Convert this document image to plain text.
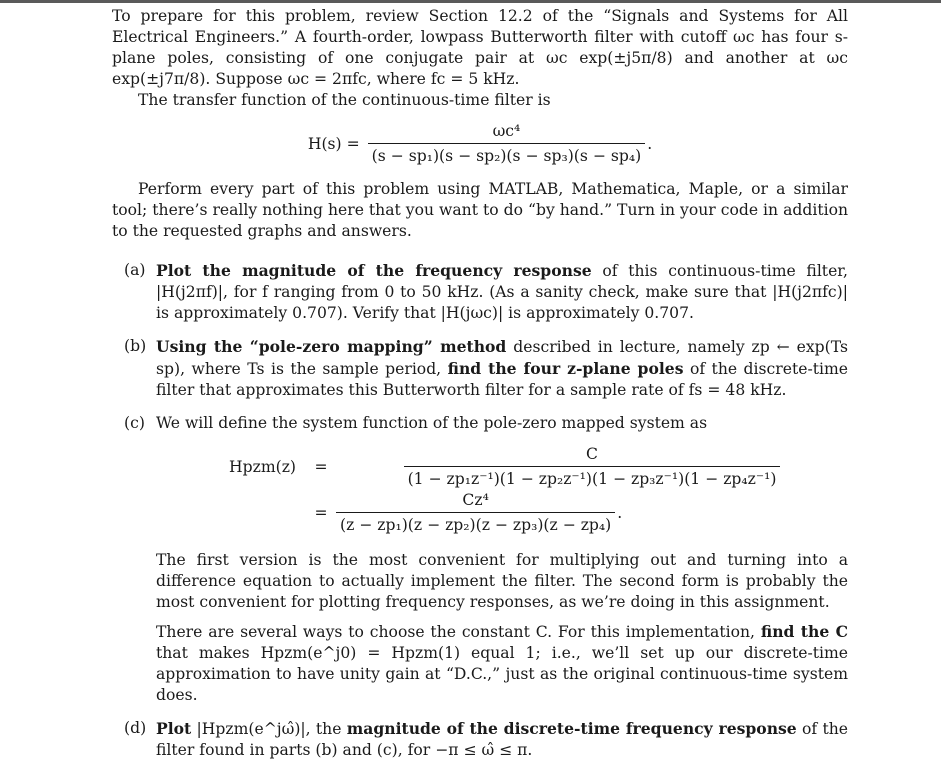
To prepare for this problem, review Section 12.2 of the “Signals and Systems for All Electrical Engineers.” A fourth-order, lowpass Butterworth filter with cutoff ωc has four s-plane poles, consisting of one conjugate pair at ωc exp(±j5π/8) and another at ωc exp(±j7π/8). Suppose ωc = 2πfc, where fc = 5 kHz.

The transfer function of the continuous-time filter is

$H(s) = \frac{\text{ωc⁴}}{\text{(s − sp₁)(s − sp₂)(s − sp₃)(s − sp₄)}}$ .

Perform every part of this problem using MATLAB, Mathematica, Maple, or a similar tool; there’s really nothing here that you want to do “by hand.” Turn in your code in addition to the requested graphs and answers.

(a) Plot the magnitude of the frequency response of this continuous-time filter, |H(j2πf)|, for f ranging from 0 to 50 kHz. (As a sanity check, make sure that |H(j2πfc)| is approximately 0.707). Verify that |H(jωc)| is approximately 0.707.

(b) Using the “pole-zero mapping” method described in lecture, namely zp ← exp(Ts sp), where Ts is the sample period, find the four z-plane poles of the discrete-time filter that approximates this Butterworth filter for a sample rate of fs = 48 kHz.

(c) We will define the system function of the pole-zero mapped system as

Hpzm(z)	= $\frac{C}{\text{(1 − zp₁z⁻¹)(1 − zp₂z⁻¹)(1 − zp₃z⁻¹)(1 − zp₄z⁻¹)}}$
= $\frac{\text{Cz⁴}}{\text{(z − zp₁)(z − zp₂)(z − zp₃)(z − zp₄)}}$ .

The first version is the most convenient for multiplying out and turning into a difference equation to actually implement the filter. The second form is probably the most convenient for plotting frequency responses, as we’re doing in this assignment.

There are several ways to choose the constant C. For this implementation, find the C that makes Hpzm(e^j0) = Hpzm(1) equal 1; i.e., we’ll set up our discrete-time approximation to have unity gain at “D.C.,” just as the original continuous-time system does.

(d) Plot |Hpzm(e^jω̂)|, the magnitude of the discrete-time frequency response of the filter found in parts (b) and (c), for −π ≤ ω̂ ≤ π.
